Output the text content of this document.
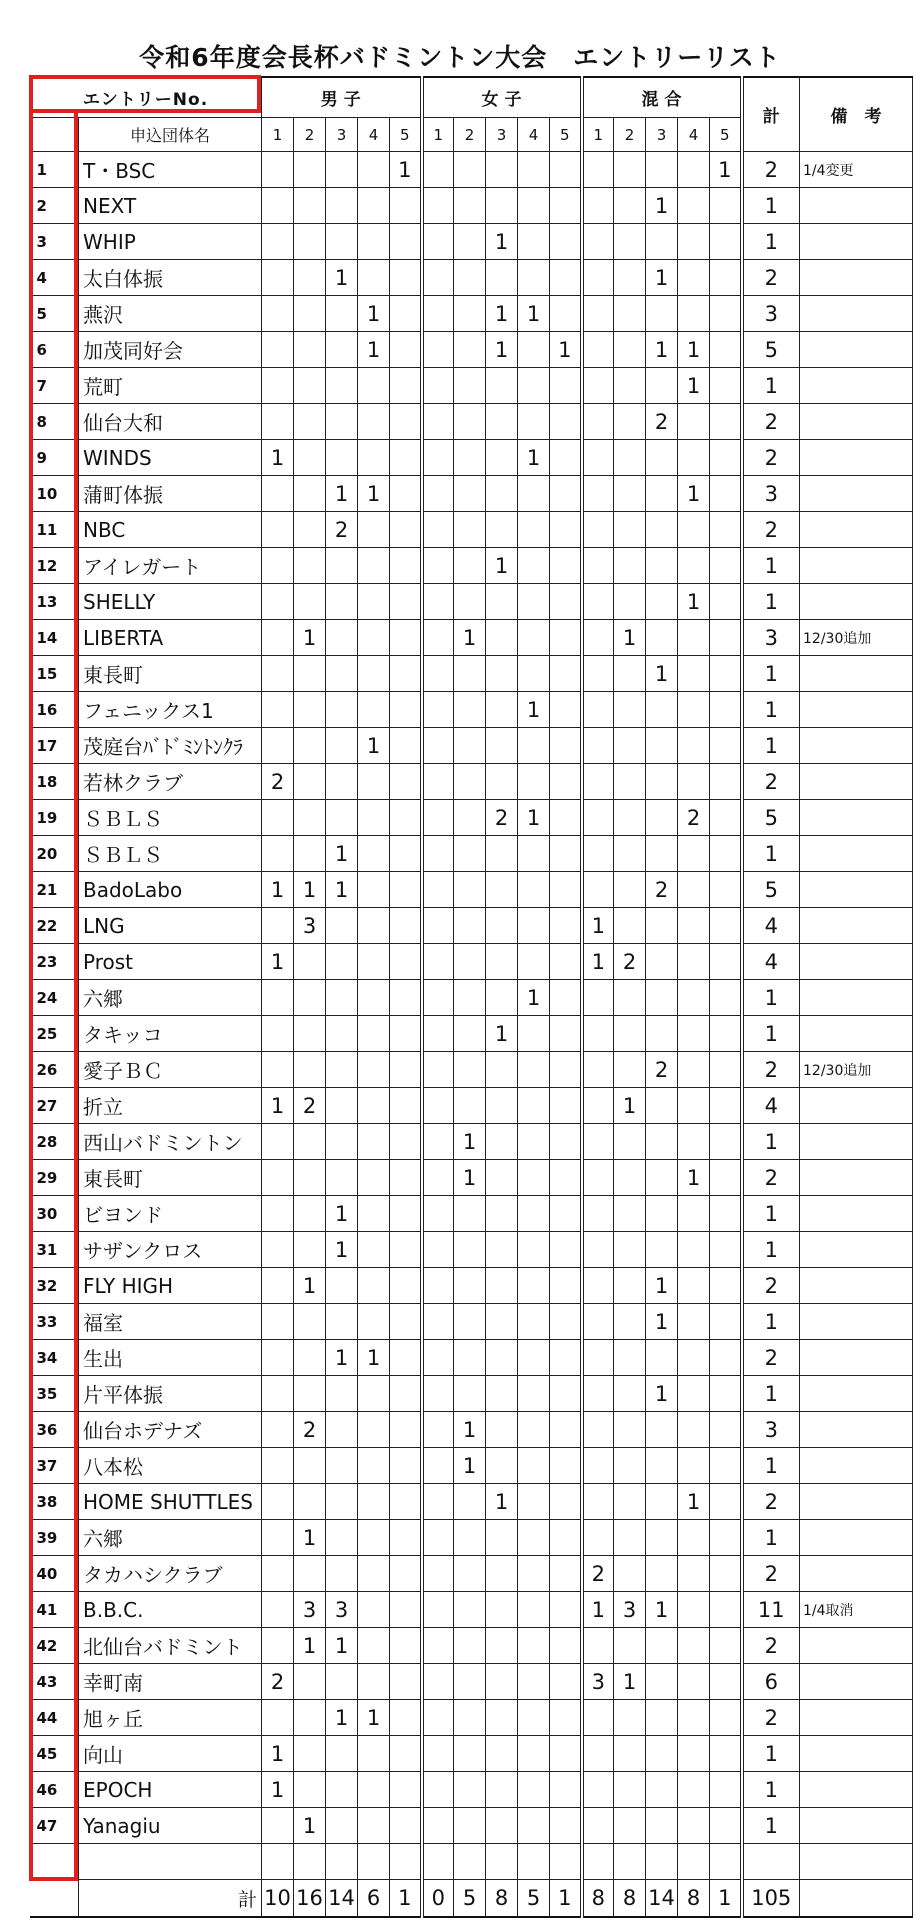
令和6年度会長杯バドミントン大会　エントリーリスト
エントリーNo.		男 子					女 子					混 合					計	備　考
	申込団体名	1	2	3	4	5	1	2	3	4	5	1	2	3	4	5		
1	T・BSC					1										1	2	1/4変更
2	NEXT													1			1	
3	WHIP								1								1	
4	太白体振			1										1			2	
5	燕沢				1				1	1							3	
6	加茂同好会				1				1		1			1	1		5	
7	荒町														1		1	
8	仙台大和													2			2	
9	WINDS	1								1							2	
10	蒲町体振			1	1										1		3	
11	NBC			2													2	
12	アイレガート								1								1	
13	SHELLY														1		1	
14	LIBERTA		1					1					1				3	12/30追加
15	東長町													1			1	
16	フェニックス1									1							1	
17	茂庭台ﾊﾞﾄﾞﾐﾝﾄﾝｸﾗ				1												1	
18	若林クラブ	2															2	
19	ＳＢＬＳ								2	1					2		5	
20	ＳＢＬＳ			1													1	
21	BadoLabo	1	1	1										2			5	
22	LNG		3									1					4	
23	Prost	1										1	2				4	
24	六郷									1							1	
25	タキッコ								1								1	
26	愛子ＢＣ													2			2	12/30追加
27	折立	1	2										1				4	
28	西山バドミントン							1									1	
29	東長町							1							1		2	
30	ビヨンド			1													1	
31	サザンクロス			1													1	
32	FLY HIGH		1											1			2	
33	福室													1			1	
34	生出			1	1												2	
35	片平体振													1			1	
36	仙台ホデナズ		2					1									3	
37	八本松							1									1	
38	HOME SHUTTLES								1						1		2	
39	六郷		1														1	
40	タカハシクラブ											2					2	
41	B.B.C.		3	3								1	3	1			11	1/4取消
42	北仙台バドミント		1	1													2	
43	幸町南	2										3	1				6	
44	旭ヶ丘			1	1												2	
45	向山	1															1	
46	EPOCH	1															1	
47	Yanagiu		1														1	

	計	10	16	14	6	1	0	5	8	5	1	8	8	14	8	1	105	
